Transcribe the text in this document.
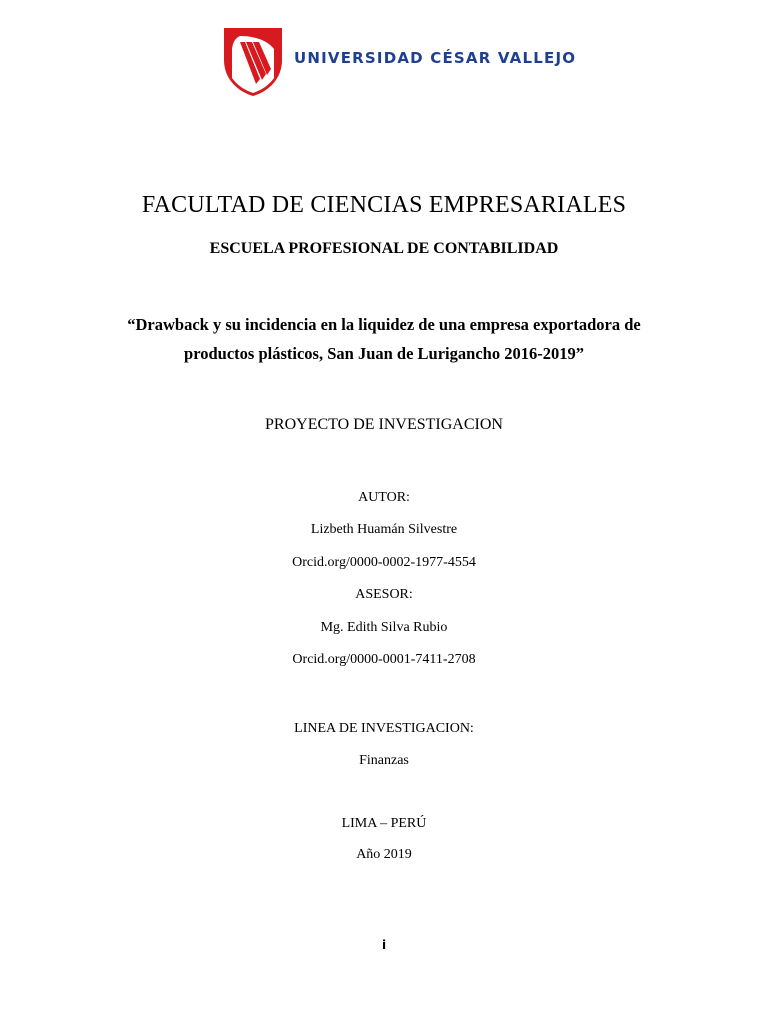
UNIVERSIDAD CÉSAR VALLEJO
FACULTAD DE CIENCIAS EMPRESARIALES
ESCUELA PROFESIONAL DE CONTABILIDAD
“Drawback y su incidencia en la liquidez de una empresa exportadora de
productos plásticos, San Juan de Lurigancho 2016-2019”
PROYECTO DE INVESTIGACION
AUTOR:
Lizbeth Huamán Silvestre
Orcid.org/0000-0002-1977-4554
ASESOR:
Mg. Edith Silva Rubio
Orcid.org/0000-0001-7411-2708
LINEA DE INVESTIGACION:
Finanzas
LIMA – PERÚ
Año 2019
i
